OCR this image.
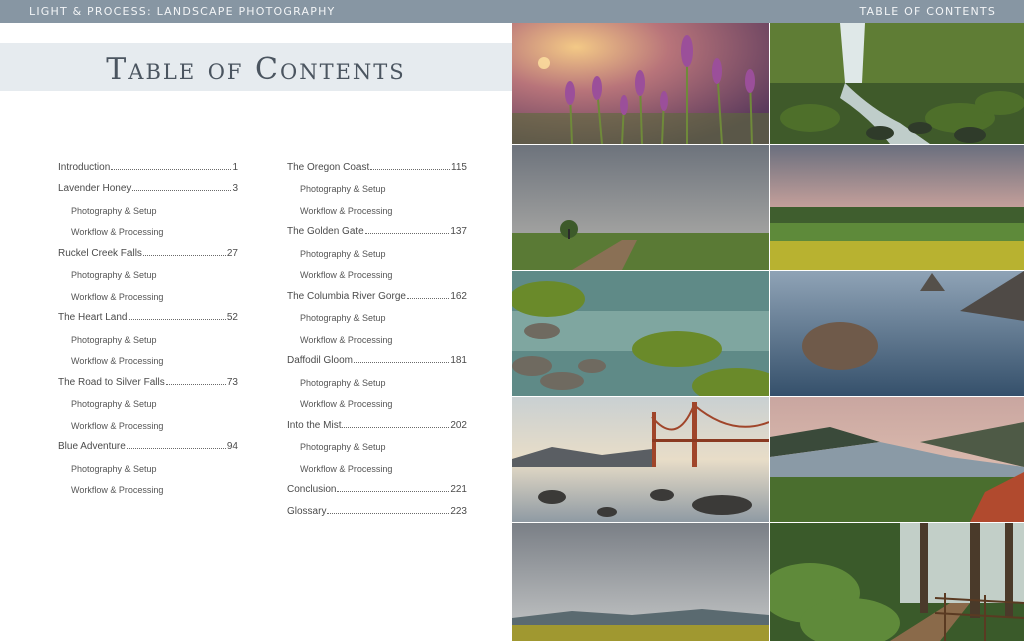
LIGHT & PROCESS: LANDSCAPE PHOTOGRAPHY	TABLE OF CONTENTS
Table of Contents
Introduction	1
Lavender Honey	3
Photography & Setup
Workflow & Processing
Ruckel Creek Falls	27
Photography & Setup
Workflow & Processing
The Heart Land	52
Photography & Setup
Workflow & Processing
The Road to Silver Falls	73
Photography & Setup
Workflow & Processing
Blue Adventure	94
Photography & Setup
Workflow & Processing
The Oregon Coast	115
Photography & Setup
Workflow & Processing
The Golden Gate	137
Photography & Setup
Workflow & Processing
The Columbia River Gorge	162
Photography & Setup
Workflow & Processing
Daffodil Gloom	181
Photography & Setup
Workflow & Processing
Into the Mist	202
Photography & Setup
Workflow & Processing
Conclusion	221
Glossary	223
